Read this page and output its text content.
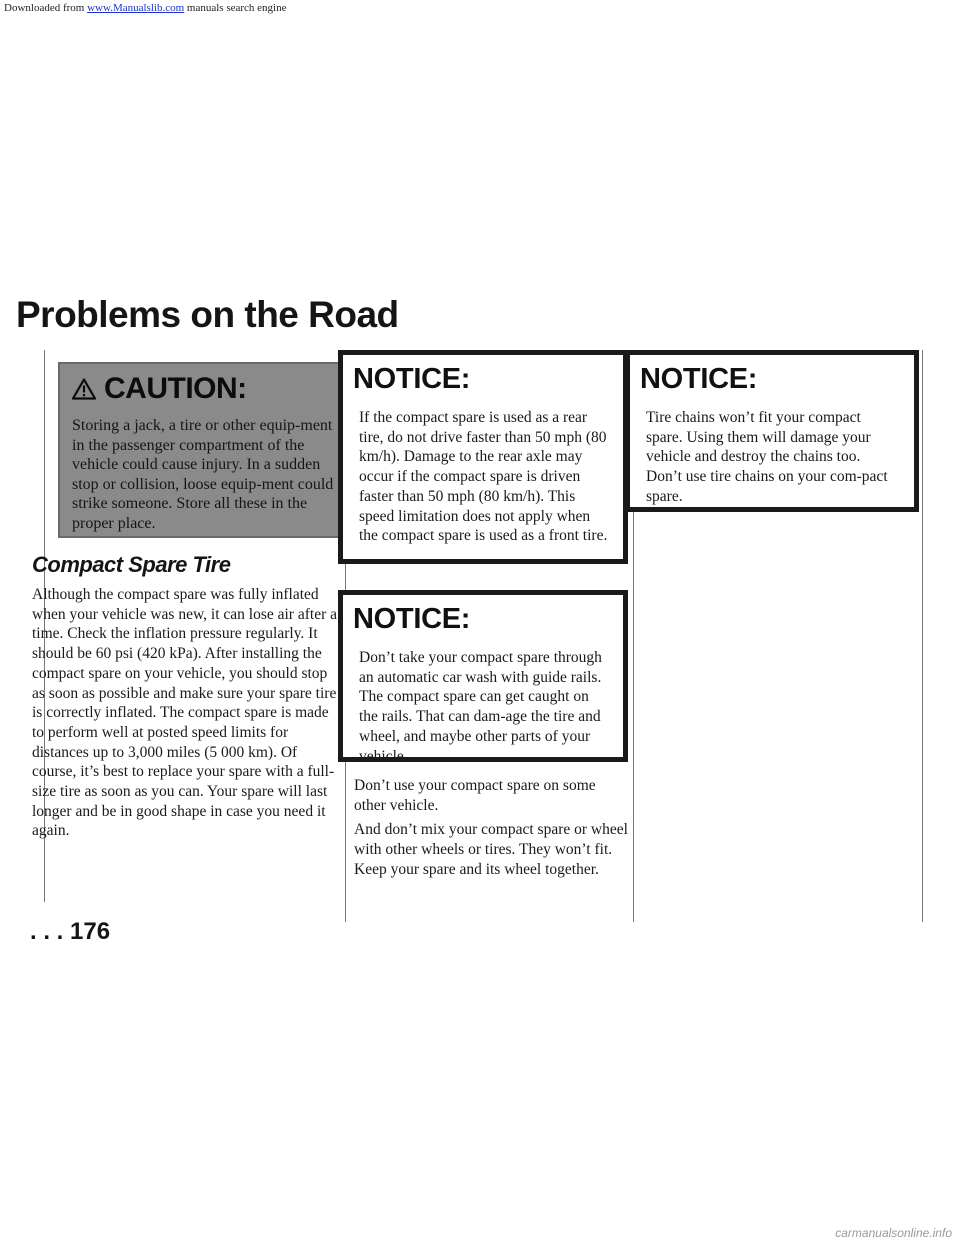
Downloaded from www.Manualslib.com manuals search engine
Problems on the Road
CAUTION:
Storing a jack, a tire or other equip-ment in the passenger compartment of the vehicle could cause injury. In a sudden stop or collision, loose equip-ment could strike someone. Store all these in the proper place.
Compact Spare Tire

Although the compact spare was fully inflated when your vehicle was new, it can lose air after a time. Check the inflation pressure regularly. It should be 60 psi (420 kPa). After installing the compact spare on your vehicle, you should stop as soon as possible and make sure your spare tire is correctly inflated. The compact spare is made to perform well at posted speed limits for distances up to 3,000 miles (5 000 km). Of course, it’s best to replace your spare with a full-size tire as soon as you can. Your spare will last longer and be in good shape in case you need it again.

NOTICE:
If the compact spare is used as a rear tire, do not drive faster than 50 mph (80 km/h). Damage to the rear axle may occur if the compact spare is driven faster than 50 mph (80 km/h). This speed limitation does not apply when the compact spare is used as a front tire.
NOTICE:
Don’t take your compact spare through an automatic car wash with guide rails. The compact spare can get caught on the rails. That can dam-age the tire and wheel, and maybe other parts of your vehicle.

Don’t use your compact spare on some other vehicle.

And don’t mix your compact spare or wheel with other wheels or tires. They won’t fit. Keep your spare and its wheel together.

NOTICE:
Tire chains won’t fit your compact spare. Using them will damage your vehicle and destroy the chains too. Don’t use tire chains on your com-pact spare.
. . . 176
carmanualsonline.info
